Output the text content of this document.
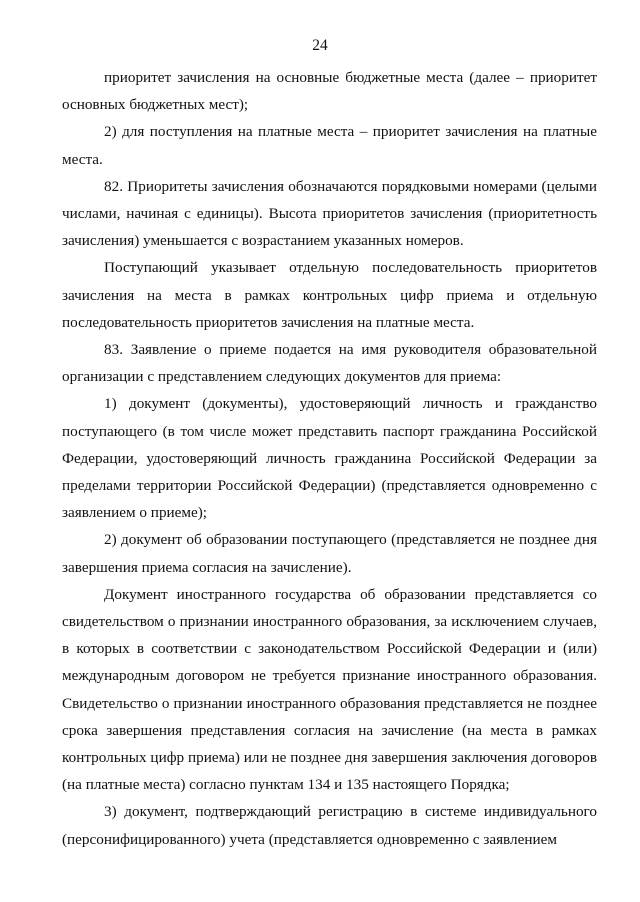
24

приоритет зачисления на основные бюджетные места (далее – приоритет основных бюджетных мест);

2) для поступления на платные места – приоритет зачисления на платные места.

82. Приоритеты зачисления обозначаются порядковыми номерами (целыми числами, начиная с единицы). Высота приоритетов зачисления (приоритетность зачисления) уменьшается с возрастанием указанных номеров.

Поступающий указывает отдельную последовательность приоритетов зачисления на места в рамках контрольных цифр приема и отдельную последовательность приоритетов зачисления на платные места.

83. Заявление о приеме подается на имя руководителя образовательной организации с представлением следующих документов для приема:

1) документ (документы), удостоверяющий личность и гражданство поступающего (в том числе может представить паспорт гражданина Российской Федерации, удостоверяющий личность гражданина Российской Федерации за пределами территории Российской Федерации) (представляется одновременно с заявлением о приеме);

2) документ об образовании поступающего (представляется не позднее дня завершения приема согласия на зачисление).

Документ иностранного государства об образовании представляется со свидетельством о признании иностранного образования, за исключением случаев, в которых в соответствии с законодательством Российской Федерации и (или) международным договором не требуется признание иностранного образования. Свидетельство о признании иностранного образования представляется не позднее срока завершения представления согласия на зачисление (на места в рамках контрольных цифр приема) или не позднее дня завершения заключения договоров (на платные места) согласно пунктам 134 и 135 настоящего Порядка;

3) документ, подтверждающий регистрацию в системе индивидуального (персонифицированного) учета (представляется одновременно с заявлением
